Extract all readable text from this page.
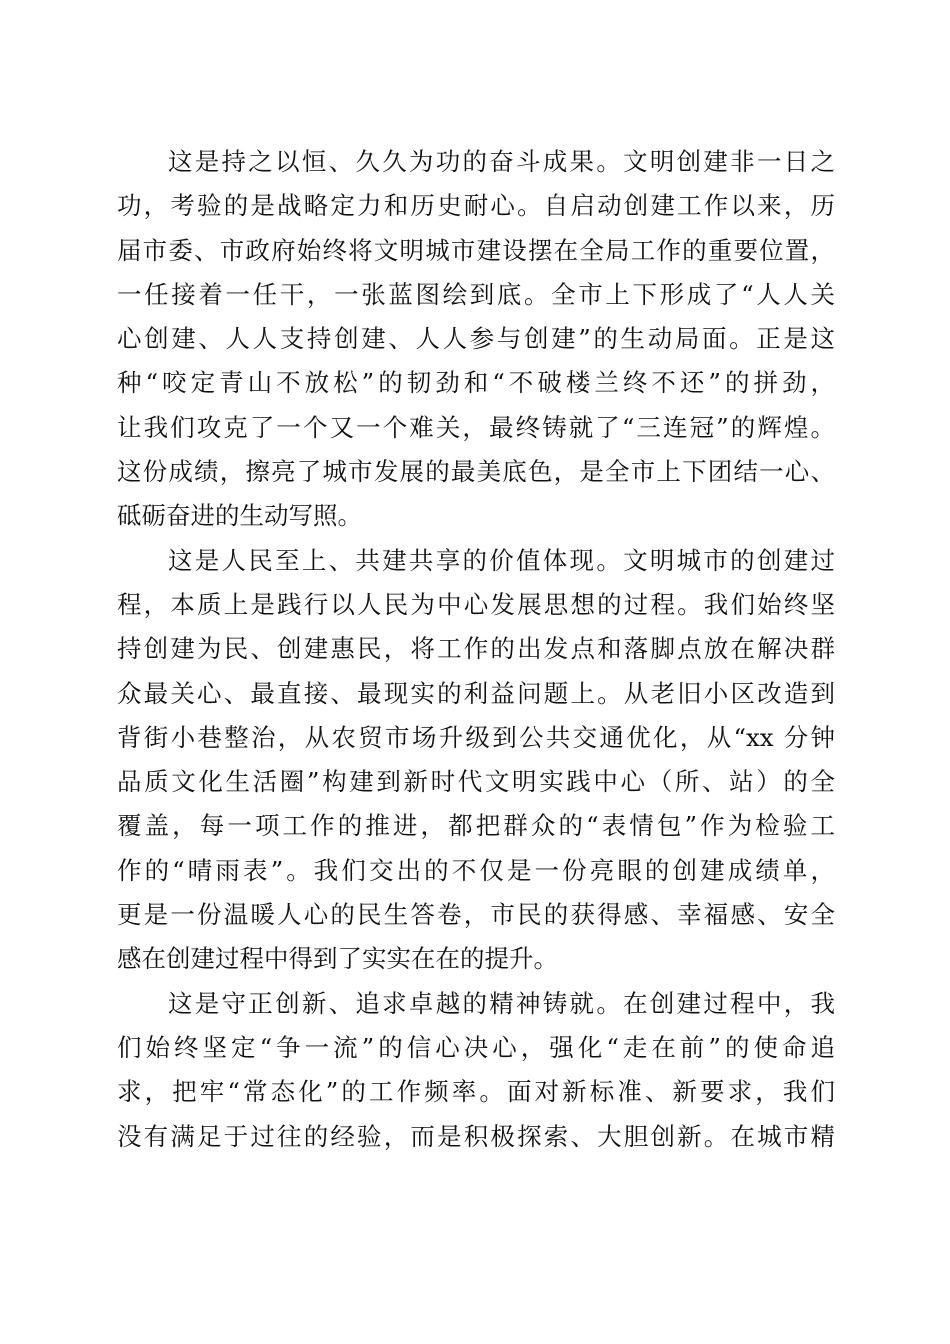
这是持之以恒、久久为功的奋斗成果。文明创建非一日之
功，考验的是战略定力和历史耐心。自启动创建工作以来，历
届市委、市政府始终将文明城市建设摆在全局工作的重要位置，
一任接着一任干，一张蓝图绘到底。全市上下形成了“人人关
心创建、人人支持创建、人人参与创建”的生动局面。正是这
种“咬定青山不放松”的韧劲和“不破楼兰终不还”的拼劲，
让我们攻克了一个又一个难关，最终铸就了“三连冠”的辉煌。
这份成绩，擦亮了城市发展的最美底色，是全市上下团结一心、
砥砺奋进的生动写照。
这是人民至上、共建共享的价值体现。文明城市的创建过
程，本质上是践行以人民为中心发展思想的过程。我们始终坚
持创建为民、创建惠民，将工作的出发点和落脚点放在解决群
众最关心、最直接、最现实的利益问题上。从老旧小区改造到
背街小巷整治，从农贸市场升级到公共交通优化，从“xx 分钟
品质文化生活圈”构建到新时代文明实践中心（所、站）的全
覆盖，每一项工作的推进，都把群众的“表情包”作为检验工
作的“晴雨表”。我们交出的不仅是一份亮眼的创建成绩单，
更是一份温暖人心的民生答卷，市民的获得感、幸福感、安全
感在创建过程中得到了实实在在的提升。
这是守正创新、追求卓越的精神铸就。在创建过程中，我
们始终坚定“争一流”的信心决心，强化“走在前”的使命追
求，把牢“常态化”的工作频率。面对新标准、新要求，我们
没有满足于过往的经验，而是积极探索、大胆创新。在城市精
